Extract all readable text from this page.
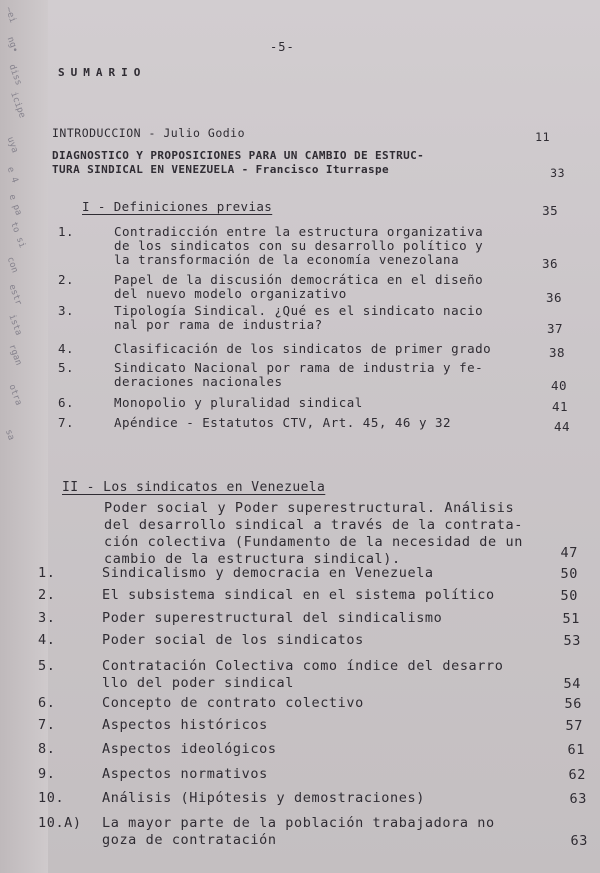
~ei
ng•
diss
icipe
uya
e 4
e pa
to si
con
estr
ista
rgan
otra
sa
-5-
SUMARIO
INTRODUCCION - Julio Godio	11
DIAGNOSTICO Y PROPOSICIONES PARA UN CAMBIO DE ESTRUC-
TURA SINDICAL EN VENEZUELA - Francisco Iturraspe	33
I - Definiciones previas	35
1.	Contradicción entre la estructura organizativa
de los sindicatos con su desarrollo político y
la transformación de la economía venezolana	36
2.	Papel de la discusión democrática en el diseño
del nuevo modelo organizativo	36
3.	Tipología Sindical. ¿Qué es el sindicato nacio
nal por rama de industria?	37
4.	Clasificación de los sindicatos de primer grado	38
5.	Sindicato Nacional por rama de industria y fe-
deraciones nacionales	40
6.	Monopolio y pluralidad sindical	41
7.	Apéndice - Estatutos CTV, Art. 45, 46 y 32	44
II - Los sindicatos en Venezuela
Poder social y Poder superestructural. Análisis
del desarrollo sindical a través de la contrata-
ción colectiva (Fundamento de la necesidad de un
cambio de la estructura sindical).	47
1.	Sindicalismo y democracia en Venezuela	50
2.	El subsistema sindical en el sistema político	50
3.	Poder superestructural del sindicalismo	51
4.	Poder social de los sindicatos	53
5.	Contratación Colectiva como índice del desarro
llo del poder sindical	54
6.	Concepto de contrato colectivo	56
7.	Aspectos históricos	57
8.	Aspectos ideológicos	61
9.	Aspectos normativos	62
10.	Análisis (Hipótesis y demostraciones)	63
10.A) La mayor parte de la población trabajadora no
goza de contratación	63
